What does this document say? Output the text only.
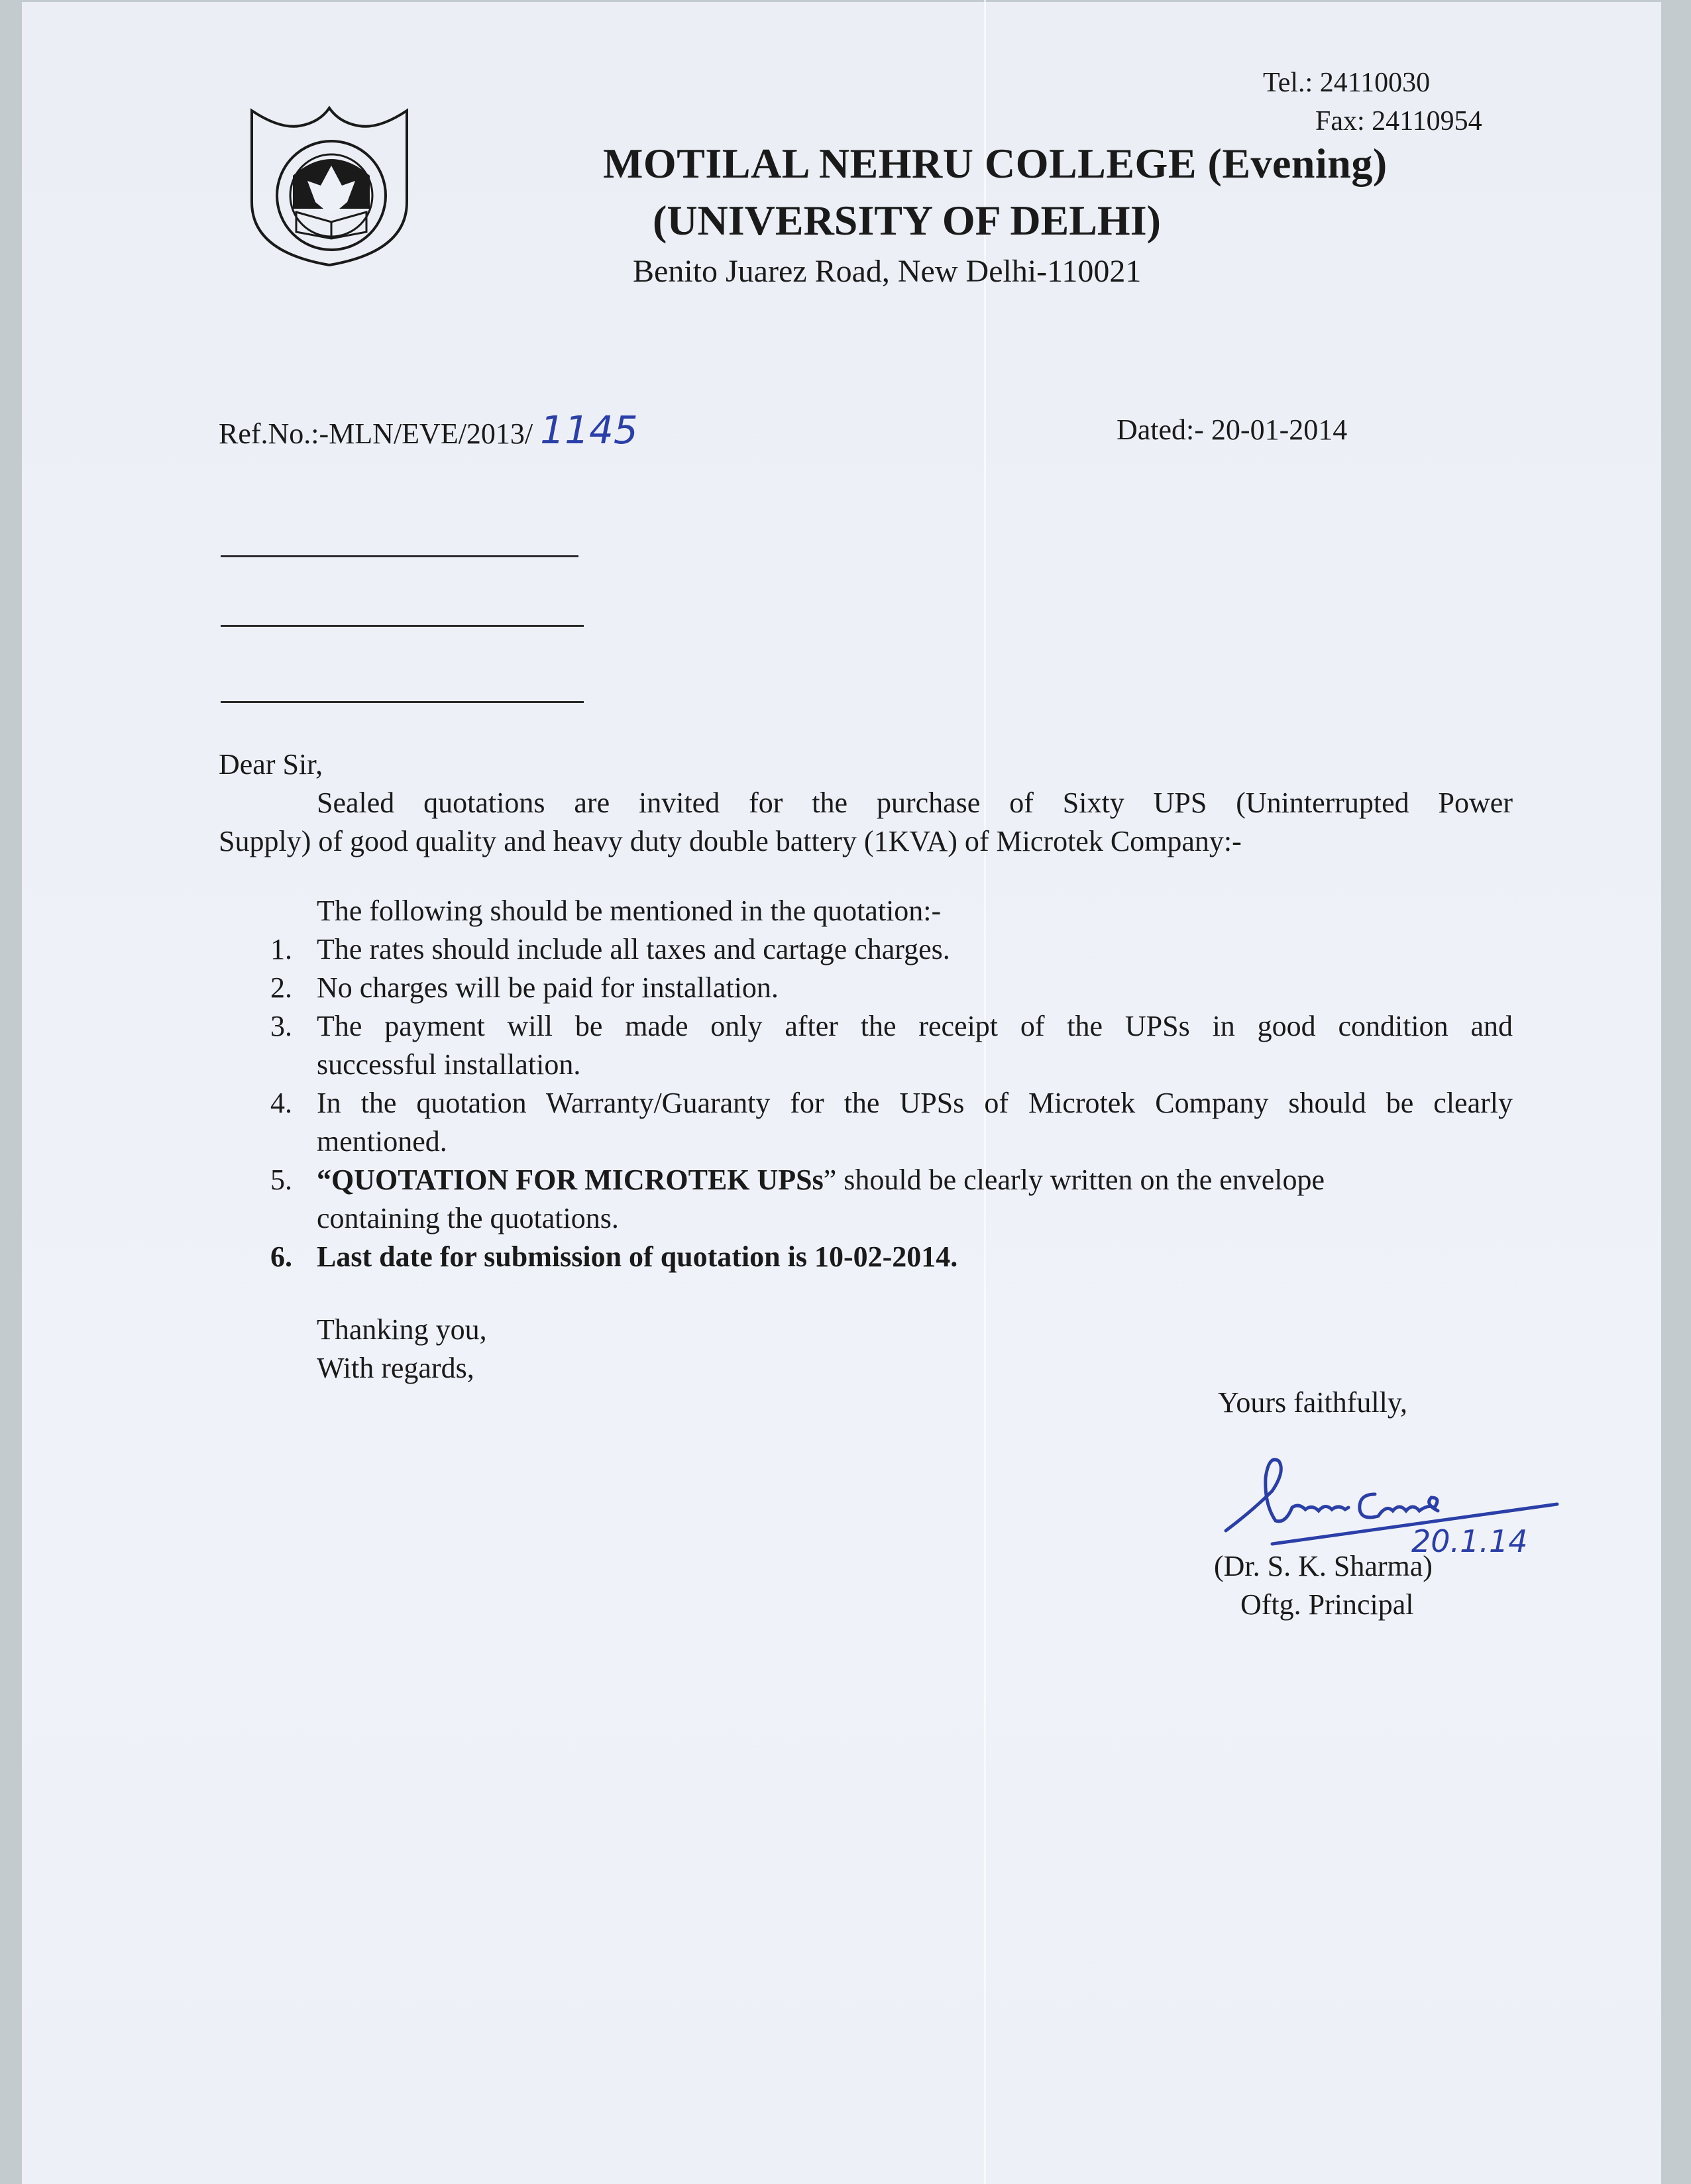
Tel.: 24110030
Fax: 24110954
MOTILAL NEHRU COLLEGE (Evening)
(UNIVERSITY OF DELHI)
Benito Juarez Road, New Delhi-110021
Ref.No.:-MLN/EVE/2013/ 1145	Dated:- 20-01-2014
Dear Sir,
Sealed quotations are invited for the purchase of Sixty UPS (Uninterrupted Power
Supply) of good quality and heavy duty double battery (1KVA) of Microtek Company:-
The following should be mentioned in the quotation:-
1. The rates should include all taxes and cartage charges.
2. No charges will be paid for installation.
3. The payment will be made only after the receipt of the UPSs in good condition and
successful installation.
4. In the quotation Warranty/Guaranty for the UPSs of Microtek Company should be clearly
mentioned.
5. “QUOTATION FOR MICROTEK UPSs” should be clearly written on the envelope
containing the quotations.
6. Last date for submission of quotation is 10-02-2014.
Thanking you,
With regards,
Yours faithfully,
20.1.14
(Dr. S. K. Sharma)
Oftg. Principal
